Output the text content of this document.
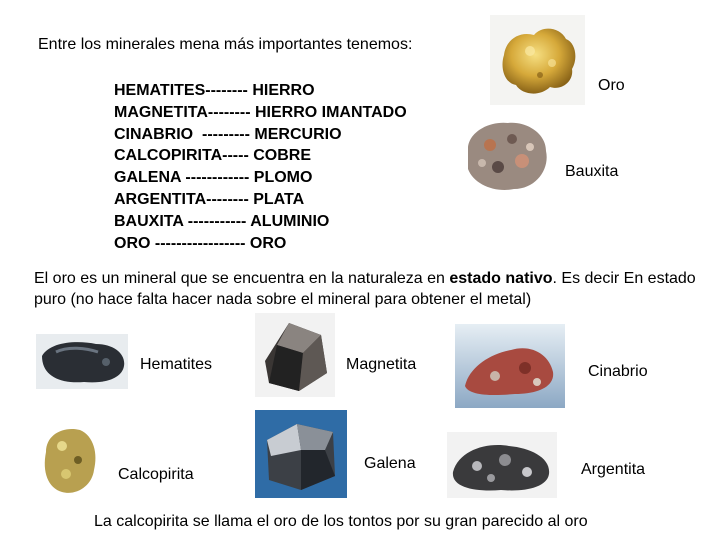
Entre los minerales mena más importantes tenemos:
HEMATITES-------- HIERRO
MAGNETITA-------- HIERRO IMANTADO
CINABRIO  --------- MERCURIO
CALCOPIRITA----- COBRE
GALENA ------------ PLOMO
ARGENTITA-------- PLATA
BAUXITA ----------- ALUMINIO
ORO ----------------- ORO
Oro
Bauxita
El oro es un mineral que se encuentra en la naturaleza en estado nativo. Es decir En estado puro (no hace falta hacer nada sobre el mineral para obtener el metal)
Hematites	Magnetita	Cinabrio
Calcopirita
Galena	Argentita
La calcopirita se llama el oro de los tontos por su gran parecido al oro
